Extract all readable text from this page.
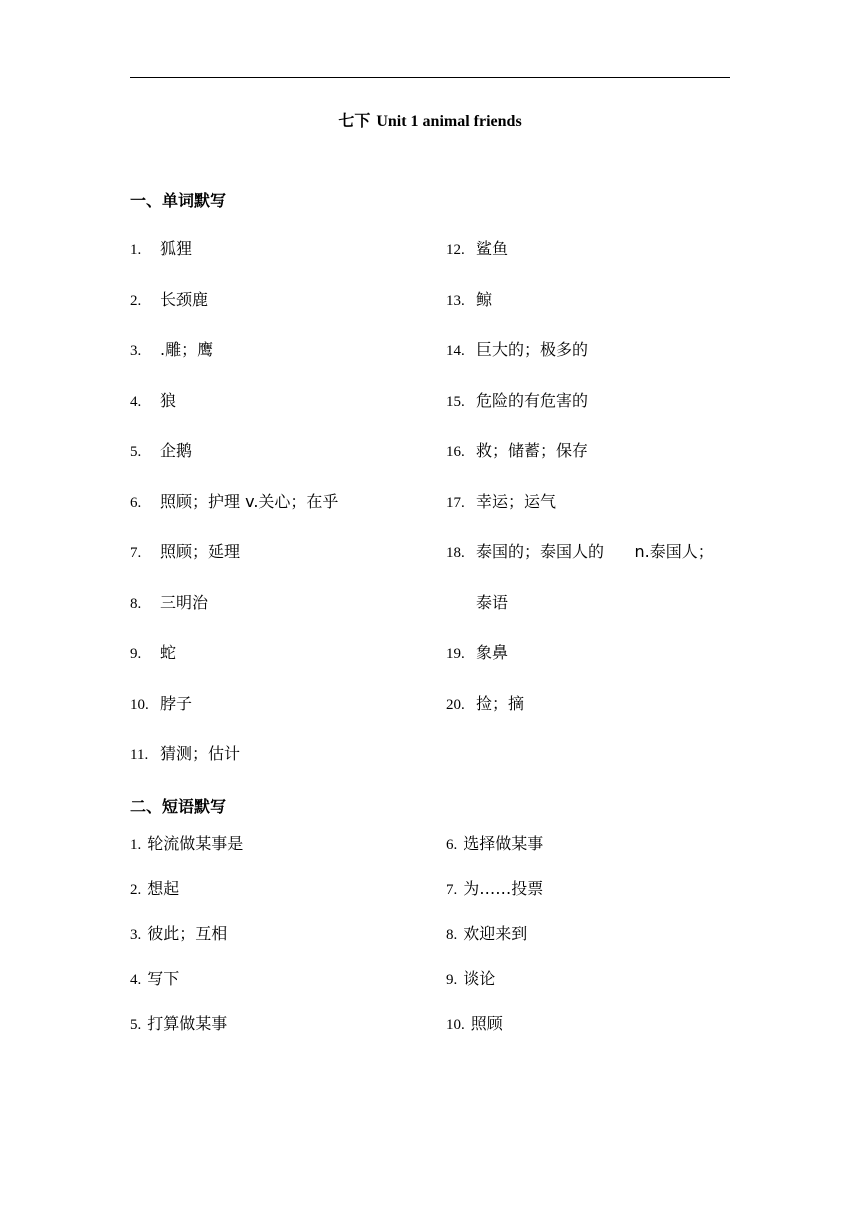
七下 Unit 1 animal friends
一、单词默写
1. 狐狸
2. 长颈鹿
3. .雕；鹰
4. 狼
5. 企鹅
6. 照顾；护理 v.关心；在乎
7. 照顾；延理
8. 三明治
9. 蛇
10. 脖子
11. 猜测；估计
12. 鲨鱼
13. 鲸
14. 巨大的；极多的
15. 危险的有危害的
16. 救；储蓄；保存
17. 幸运；运气
18. 泰国的；泰国人的      n.泰国人；
泰语
19. 象鼻
20. 捡；摘
二、短语默写
1. 轮流做某事是
2. 想起
3. 彼此；互相
4. 写下
5. 打算做某事
6. 选择做某事
7. 为……投票
8. 欢迎来到
9. 谈论
10. 照顾
